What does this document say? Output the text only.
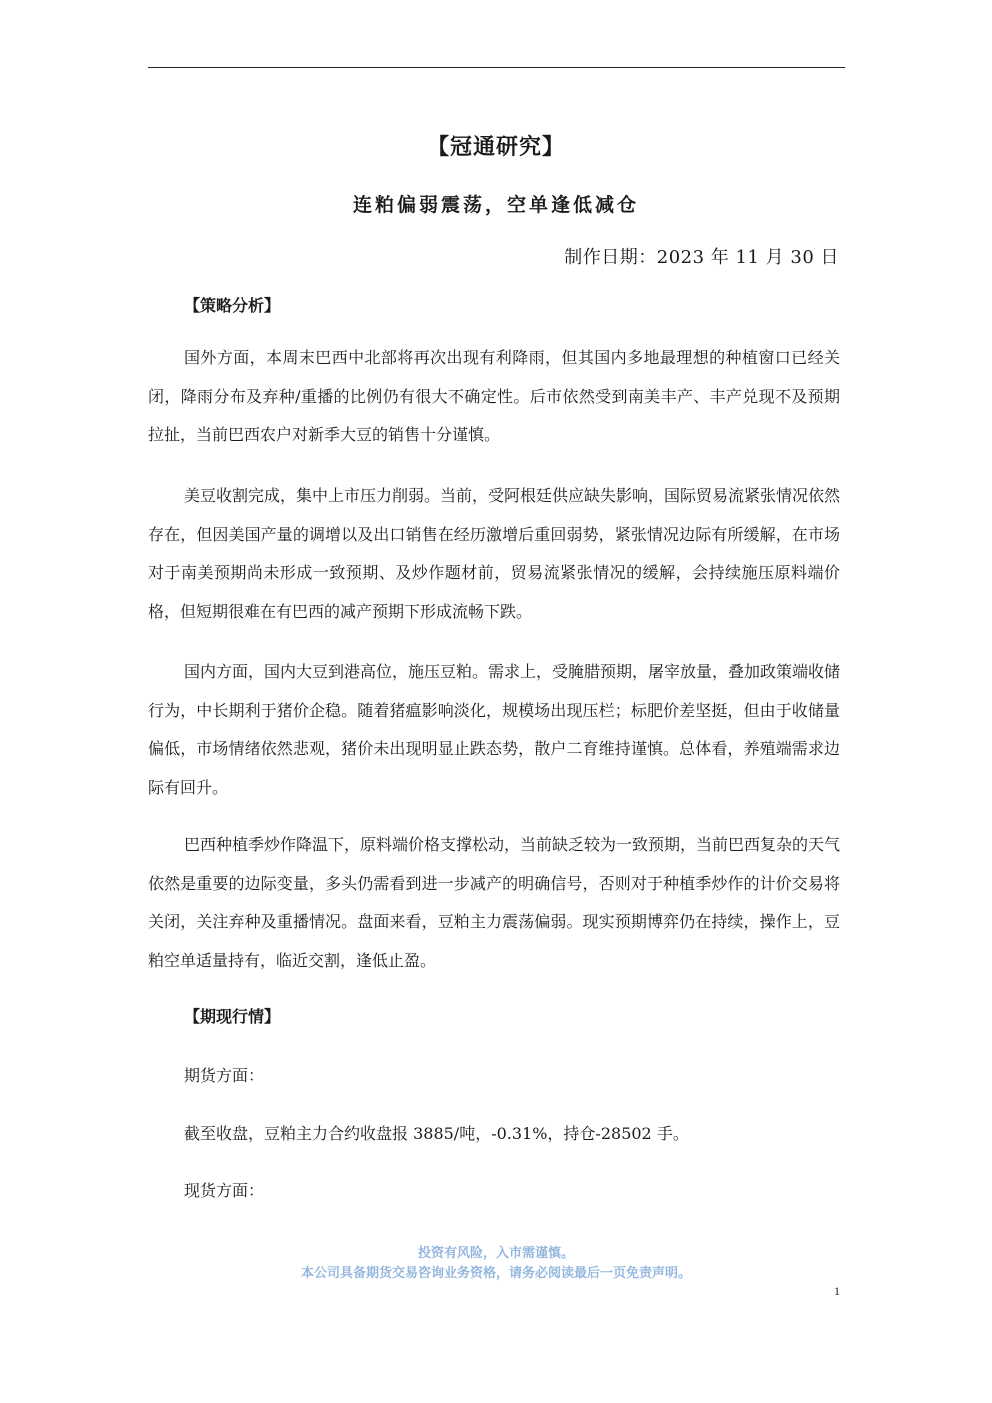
【冠通研究】
连粕偏弱震荡，空单逢低减仓
制作日期：2023 年 11 月 30 日
【策略分析】

国外方面，本周末巴西中北部将再次出现有利降雨，但其国内多地最理想的种植窗口已经关闭，降雨分布及弃种/重播的比例仍有很大不确定性。后市依然受到南美丰产、丰产兑现不及预期拉扯，当前巴西农户对新季大豆的销售十分谨慎。

美豆收割完成，集中上市压力削弱。当前，受阿根廷供应缺失影响，国际贸易流紧张情况依然存在，但因美国产量的调增以及出口销售在经历激增后重回弱势，紧张情况边际有所缓解，在市场对于南美预期尚未形成一致预期、及炒作题材前，贸易流紧张情况的缓解，会持续施压原料端价格，但短期很难在有巴西的减产预期下形成流畅下跌。

国内方面，国内大豆到港高位，施压豆粕。需求上，受腌腊预期，屠宰放量，叠加政策端收储行为，中长期利于猪价企稳。随着猪瘟影响淡化，规模场出现压栏；标肥价差坚挺，但由于收储量偏低，市场情绪依然悲观，猪价未出现明显止跌态势，散户二育维持谨慎。总体看，养殖端需求边际有回升。

巴西种植季炒作降温下，原料端价格支撑松动，当前缺乏较为一致预期，当前巴西复杂的天气依然是重要的边际变量，多头仍需看到进一步减产的明确信号，否则对于种植季炒作的计价交易将关闭，关注弃种及重播情况。盘面来看，豆粕主力震荡偏弱。现实预期博弈仍在持续，操作上，豆粕空单适量持有，临近交割，逢低止盈。

【期现行情】
期货方面：
截至收盘，豆粕主力合约收盘报 3885/吨，-0.31%，持仓-28502 手。
现货方面：
投资有风险，入市需谨慎。
本公司具备期货交易咨询业务资格，请务必阅读最后一页免责声明。
1
